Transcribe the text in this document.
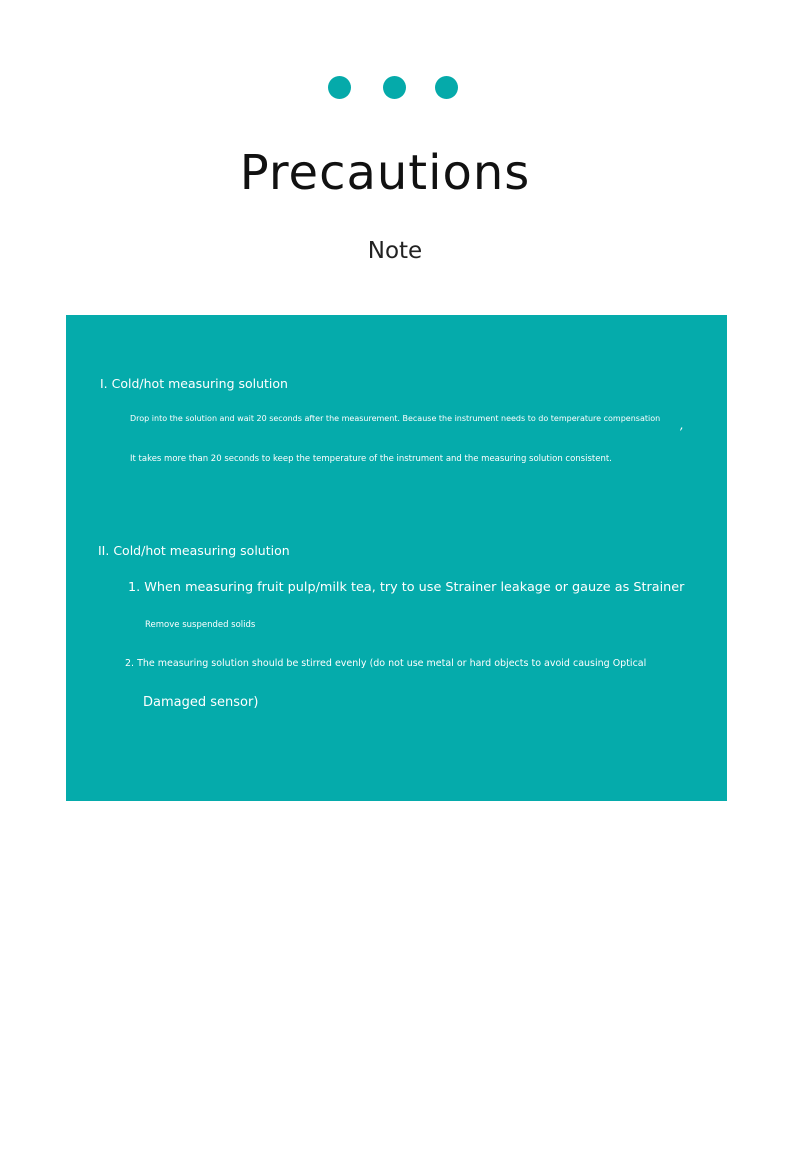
Precautions
Note
I. Cold/hot measuring solution
Drop into the solution and wait 20 seconds after the measurement. Because the instrument needs to do temperature compensation ,
It takes more than 20 seconds to keep the temperature of the instrument and the measuring solution consistent.
II. Cold/hot measuring solution
1. When measuring fruit pulp/milk tea, try to use Strainer leakage or gauze as Strainer
Remove suspended solids
2. The measuring solution should be stirred evenly (do not use metal or hard objects to avoid causing Optical
Damaged sensor)
